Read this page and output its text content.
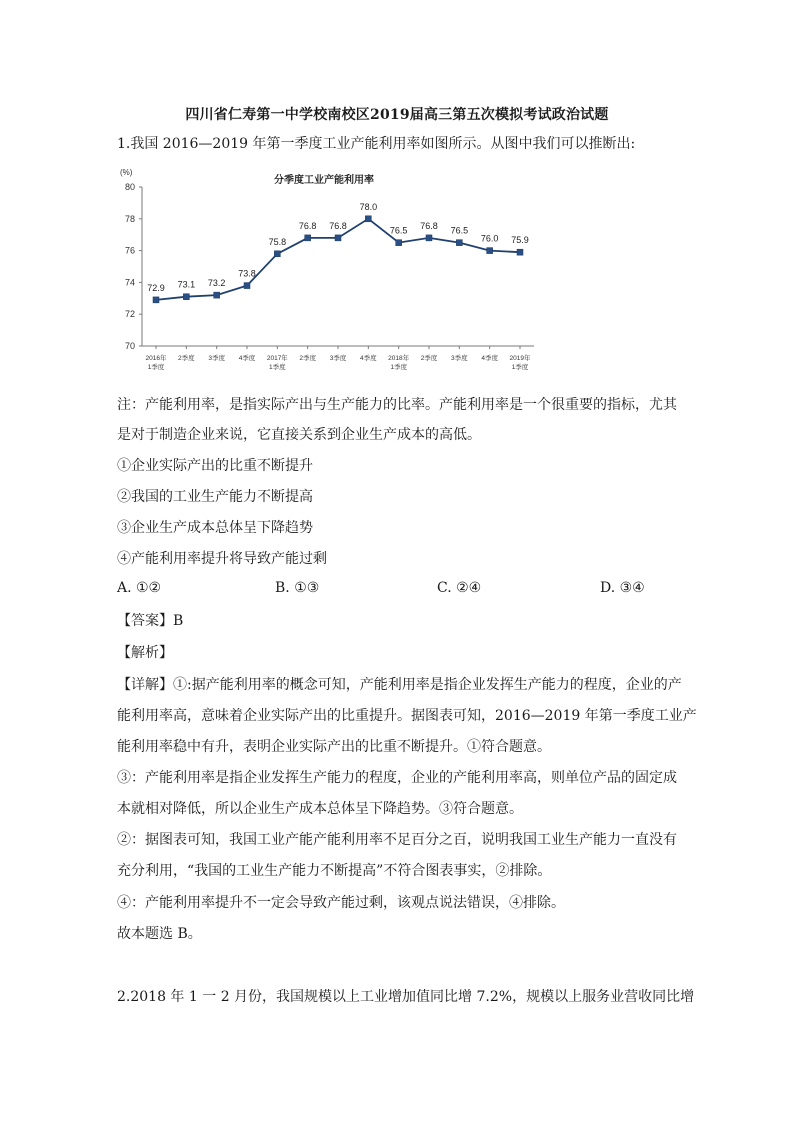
四川省仁寿第一中学校南校区2019届高三第五次模拟考试政治试题
1.我国 2016—2019 年第一季度工业产能利用率如图所示。从图中我们可以推断出:
(%)
分季度工业产能利用率
70
72
74
76
78
80
2016年
1季度
2季度 3季度 4季度 2017年
1季度
2季度 3季度 4季度 2018年
1季度
2季度 3季度 4季度 2019年
1季度
72.9 73.1 73.2
73.8
75.8
76.8 76.8
78.0
76.5 76.8 76.5
76.0 75.9
注：产能利用率，是指实际产出与生产能力的比率。产能利用率是一个很重要的指标，尤其
是对于制造企业来说，它直接关系到企业生产成本的高低。
①企业实际产出的比重不断提升
②我国的工业生产能力不断提高
③企业生产成本总体呈下降趋势
④产能利用率提升将导致产能过剩
A. ①②	B. ①③	C. ②④	D. ③④
【答案】B
【解析】
【详解】①:据产能利用率的概念可知，产能利用率是指企业发挥生产能力的程度，企业的产
能利用率高，意味着企业实际产出的比重提升。据图表可知，2016—2019 年第一季度工业产
能利用率稳中有升，表明企业实际产出的比重不断提升。①符合题意。
③：产能利用率是指企业发挥生产能力的程度，企业的产能利用率高，则单位产品的固定成
本就相对降低，所以企业生产成本总体呈下降趋势。③符合题意。
②：据图表可知，我国工业产能产能利用率不足百分之百，说明我国工业生产能力一直没有
充分利用，“我国的工业生产能力不断提高”不符合图表事实，②排除。
④：产能利用率提升不一定会导致产能过剩，该观点说法错误，④排除。
故本题选 B。
2.2018 年 1 一 2 月份，我国规模以上工业增加值同比增 7.2%，规模以上服务业营收同比增
